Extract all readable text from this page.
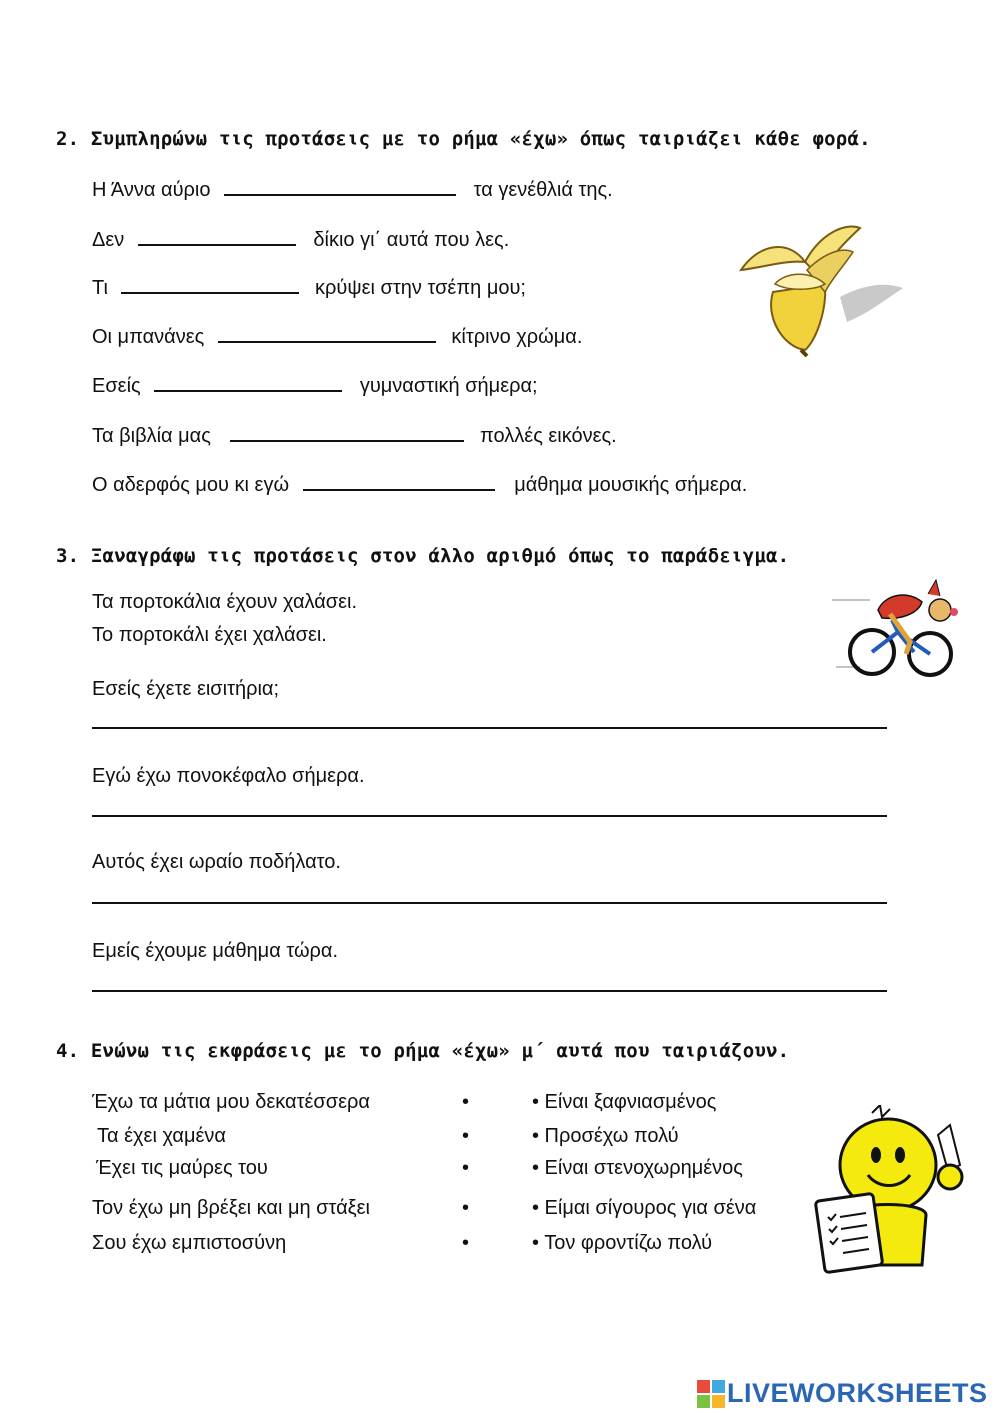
2. Συμπληρώνω τις προτάσεις με το ρήμα «έχω» όπως ταιριάζει κάθε φορά.
Η Άννα αύριο	τα γενέθλιά της.
Δεν	δίκιο γι΄ αυτά που λες.
Τι	κρύψει στην τσέπη μου;
Οι μπανάνες	κίτρινο χρώμα.
Εσείς	γυμναστική σήμερα;
Τα βιβλία μας	πολλές εικόνες.
Ο αδερφός μου κι εγώ	μάθημα μουσικής σήμερα.
3. Ξαναγράφω τις προτάσεις στον άλλο αριθμό όπως το παράδειγμα.
Τα πορτοκάλια έχουν χαλάσει.
Το πορτοκάλι έχει χαλάσει.
Εσείς έχετε εισιτήρια;
Εγώ έχω πονοκέφαλο σήμερα.
Αυτός έχει ωραίο ποδήλατο.
Εμείς έχουμε μάθημα τώρα.
4. Ενώνω τις εκφράσεις με το ρήμα «έχω» μ΄ αυτά που ταιριάζουν.
Έχω τα μάτια μου δεκατέσσερα	•	• Είναι ξαφνιασμένος
Τα έχει χαμένα	•	• Προσέχω πολύ
Έχει τις μαύρες του	•	• Είναι στενοχωρημένος
Τον έχω μη βρέξει και μη στάξει	•	• Είμαι σίγουρος για σένα
Σου έχω εμπιστοσύνη	•	• Τον φροντίζω πολύ
LIVEWORKSHEETS
